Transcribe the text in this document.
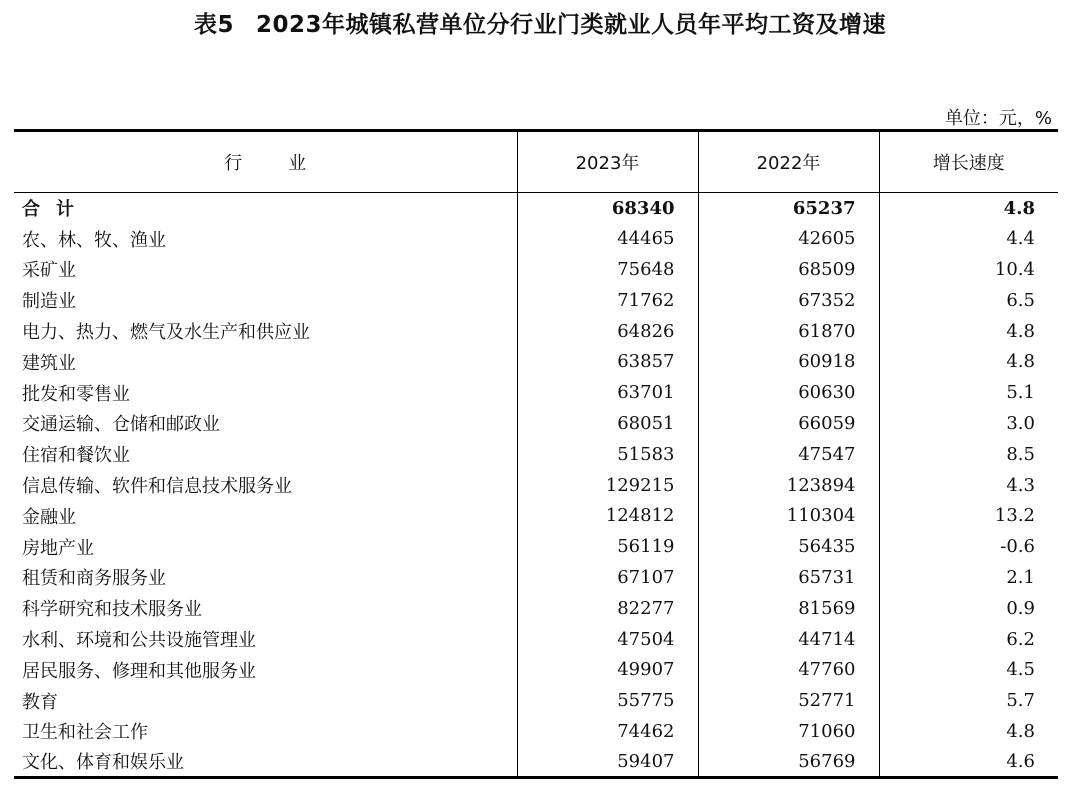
表5 2023年城镇私营单位分行业门类就业人员年平均工资及增速
单位：元，%
行 业	2023年	2022年	增长速度
合 计	68340	65237	4.8
农、林、牧、渔业	44465	42605	4.4
采矿业	75648	68509	10.4
制造业	71762	67352	6.5
电力、热力、燃气及水生产和供应业	64826	61870	4.8
建筑业	63857	60918	4.8
批发和零售业	63701	60630	5.1
交通运输、仓储和邮政业	68051	66059	3.0
住宿和餐饮业	51583	47547	8.5
信息传输、软件和信息技术服务业	129215	123894	4.3
金融业	124812	110304	13.2
房地产业	56119	56435	-0.6
租赁和商务服务业	67107	65731	2.1
科学研究和技术服务业	82277	81569	0.9
水利、环境和公共设施管理业	47504	44714	6.2
居民服务、修理和其他服务业	49907	47760	4.5
教育	55775	52771	5.7
卫生和社会工作	74462	71060	4.8
文化、体育和娱乐业	59407	56769	4.6
